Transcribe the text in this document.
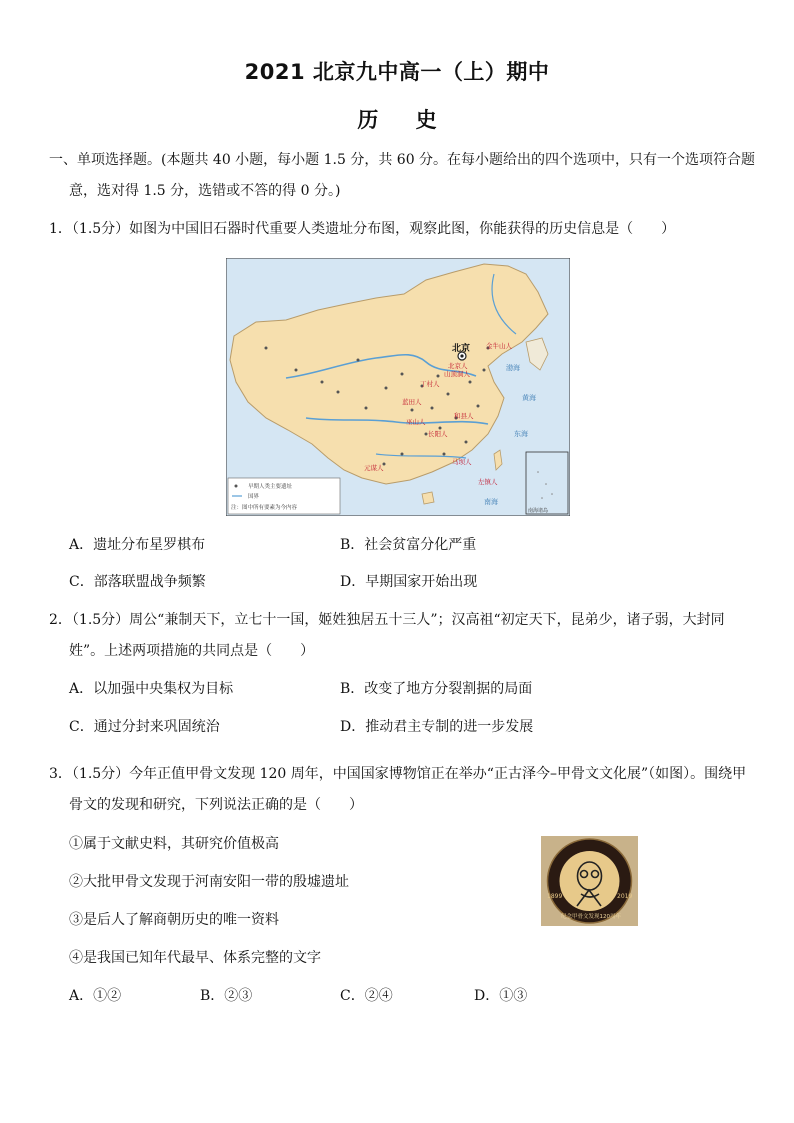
2021 北京九中高一（上）期中
历 史
一、单项选择题。(本题共 40 小题，每小题 1.5 分，共 60 分。在每小题给出的四个选项中，只有一个选项符合题
意，选对得 1.5 分，选错或不答的得 0 分。)
1．（1.5分）如图为中国旧石器时代重要人类遗址分布图，观察此图，你能获得的历史信息是（　　）
北京 金牛山人
北京人
山顶洞人
丁村人
蓝田人
和县人
巫山人
长阳人
元谋人
马坝人
左镇人
渤海
黄海
东海
南海
早期人类主要遗址
国界
注：图中所有要素为今内容	南海诸岛
A．遗址分布星罗棋布	B．社会贫富分化严重
C．部落联盟战争频繁	D．早期国家开始出现
2．（1.5分）周公“兼制天下，立七十一国，姬姓独居五十三人”；汉高祖“初定天下，昆弟少，诸子弱，大封同
姓”。上述两项措施的共同点是（　　）
A．以加强中央集权为目标	B．改变了地方分裂割据的局面
C．通过分封来巩固统治	D．推动君主专制的进一步发展
3．（1.5分）今年正值甲骨文发现 120 周年，中国国家博物馆正在举办“正古泽今–甲骨文文化展”（如图）。围绕甲
骨文的发现和研究，下列说法正确的是（　　）
①属于文献史料，其研究价值极高
②大批甲骨文发现于河南安阳一带的殷墟遗址
③是后人了解商朝历史的唯一资料
④是我国已知年代最早、体系完整的文字
1899	2019
纪念甲骨文发现120周年
A．①②	B．②③	C．②④	D．①③
